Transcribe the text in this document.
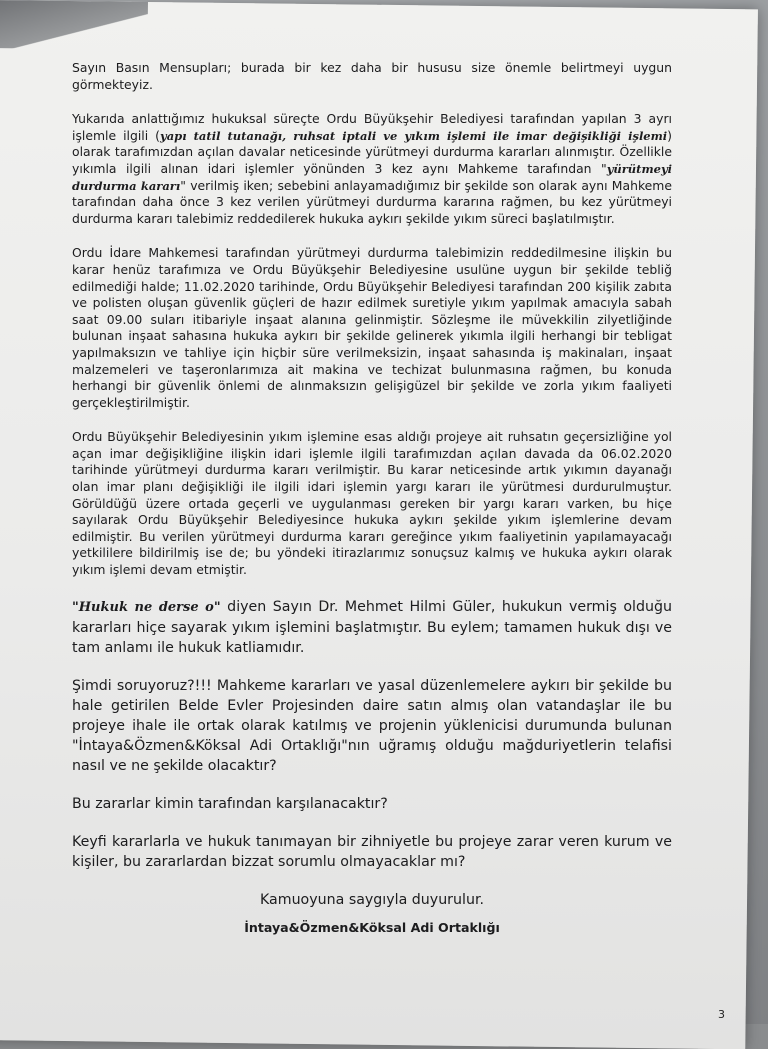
Sayın Basın Mensupları; burada bir kez daha bir hususu size önemle belirtmeyi uygun görmekteyiz.

Yukarıda anlattığımız hukuksal süreçte Ordu Büyükşehir Belediyesi tarafından yapılan 3 ayrı işlemle ilgili (yapı tatil tutanağı, ruhsat iptali ve yıkım işlemi ile imar değişikliği işlemi) olarak tarafımızdan açılan davalar neticesinde yürütmeyi durdurma kararları alınmıştır. Özellikle yıkımla ilgili alınan idari işlemler yönünden 3 kez aynı Mahkeme tarafından "yürütmeyi durdurma kararı" verilmiş iken; sebebini anlayamadığımız bir şekilde son olarak aynı Mahkeme tarafından daha önce 3 kez verilen yürütmeyi durdurma kararına rağmen, bu kez yürütmeyi durdurma kararı talebimiz reddedilerek hukuka aykırı şekilde yıkım süreci başlatılmıştır.

Ordu İdare Mahkemesi tarafından yürütmeyi durdurma talebimizin reddedilmesine ilişkin bu karar henüz tarafımıza ve Ordu Büyükşehir Belediyesine usulüne uygun bir şekilde tebliğ edilmediği halde; 11.02.2020 tarihinde, Ordu Büyükşehir Belediyesi tarafından 200 kişilik zabıta ve polisten oluşan güvenlik güçleri de hazır edilmek suretiyle yıkım yapılmak amacıyla sabah saat 09.00 suları itibariyle inşaat alanına gelinmiştir. Sözleşme ile müvekkilin zilyetliğinde bulunan inşaat sahasına hukuka aykırı bir şekilde gelinerek yıkımla ilgili herhangi bir tebligat yapılmaksızın ve tahliye için hiçbir süre verilmeksizin, inşaat sahasında iş makinaları, inşaat malzemeleri ve taşeronlarımıza ait makina ve techizat bulunmasına rağmen, bu konuda herhangi bir güvenlik önlemi de alınmaksızın gelişigüzel bir şekilde ve zorla yıkım faaliyeti gerçekleştirilmiştir.

Ordu Büyükşehir Belediyesinin yıkım işlemine esas aldığı projeye ait ruhsatın geçersizliğine yol açan imar değişikliğine ilişkin idari işlemle ilgili tarafımızdan açılan davada da 06.02.2020 tarihinde yürütmeyi durdurma kararı verilmiştir. Bu karar neticesinde artık yıkımın dayanağı olan imar planı değişikliği ile ilgili idari işlemin yargı kararı ile yürütmesi durdurulmuştur. Görüldüğü üzere ortada geçerli ve uygulanması gereken bir yargı kararı varken, bu hiçe sayılarak Ordu Büyükşehir Belediyesince hukuka aykırı şekilde yıkım işlemlerine devam edilmiştir. Bu verilen yürütmeyi durdurma kararı gereğince yıkım faaliyetinin yapılamayacağı yetkililere bildirilmiş ise de; bu yöndeki itirazlarımız sonuçsuz kalmış ve hukuka aykırı olarak yıkım işlemi devam etmiştir.

"Hukuk ne derse o" diyen Sayın Dr. Mehmet Hilmi Güler, hukukun vermiş olduğu kararları hiçe sayarak yıkım işlemini başlatmıştır. Bu eylem; tamamen hukuk dışı ve tam anlamı ile hukuk katliamıdır.

Şimdi soruyoruz?!!! Mahkeme kararları ve yasal düzenlemelere aykırı bir şekilde bu hale getirilen Belde Evler Projesinden daire satın almış olan vatandaşlar ile bu projeye ihale ile ortak olarak katılmış ve projenin yüklenicisi durumunda bulunan "İntaya&Özmen&Köksal Adi Ortaklığı"nın uğramış olduğu mağduriyetlerin telafisi nasıl ve ne şekilde olacaktır?

Bu zararlar kimin tarafından karşılanacaktır?

Keyfi kararlarla ve hukuk tanımayan bir zihniyetle bu projeye zarar veren kurum ve kişiler, bu zararlardan bizzat sorumlu olmayacaklar mı?

Kamuoyuna saygıyla duyurulur.

İntaya&Özmen&Köksal Adi Ortaklığı

3
